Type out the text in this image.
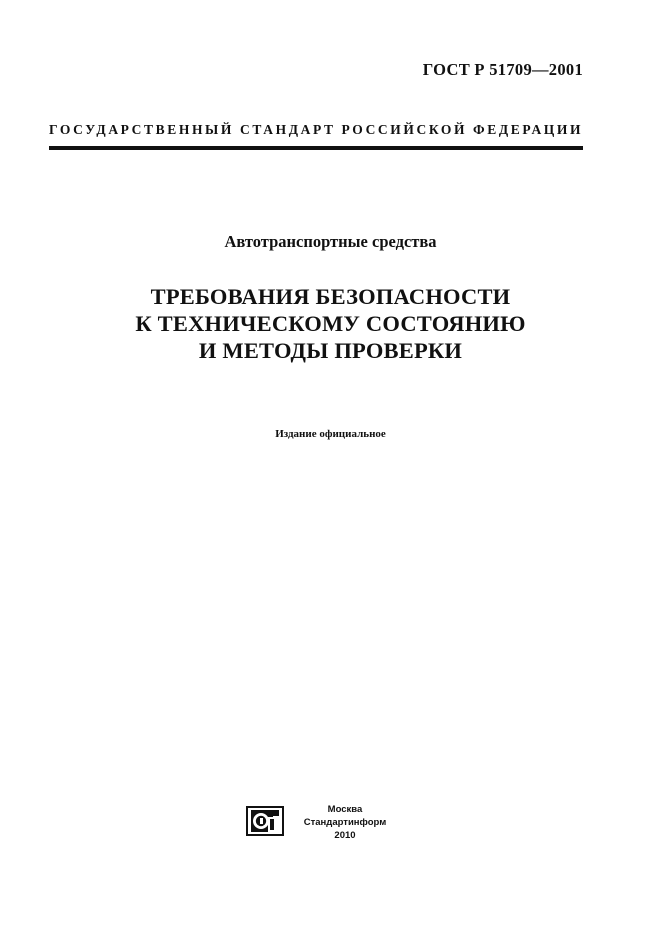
ГОСТ Р 51709—2001
ГОСУДАРСТВЕННЫЙ СТАНДАРТ РОССИЙСКОЙ ФЕДЕРАЦИИ
Автотранспортные средства
ТРЕБОВАНИЯ БЕЗОПАСНОСТИ
К ТЕХНИЧЕСКОМУ СОСТОЯНИЮ
И МЕТОДЫ ПРОВЕРКИ
Издание официальное
Москва
Стандартинформ
2010
